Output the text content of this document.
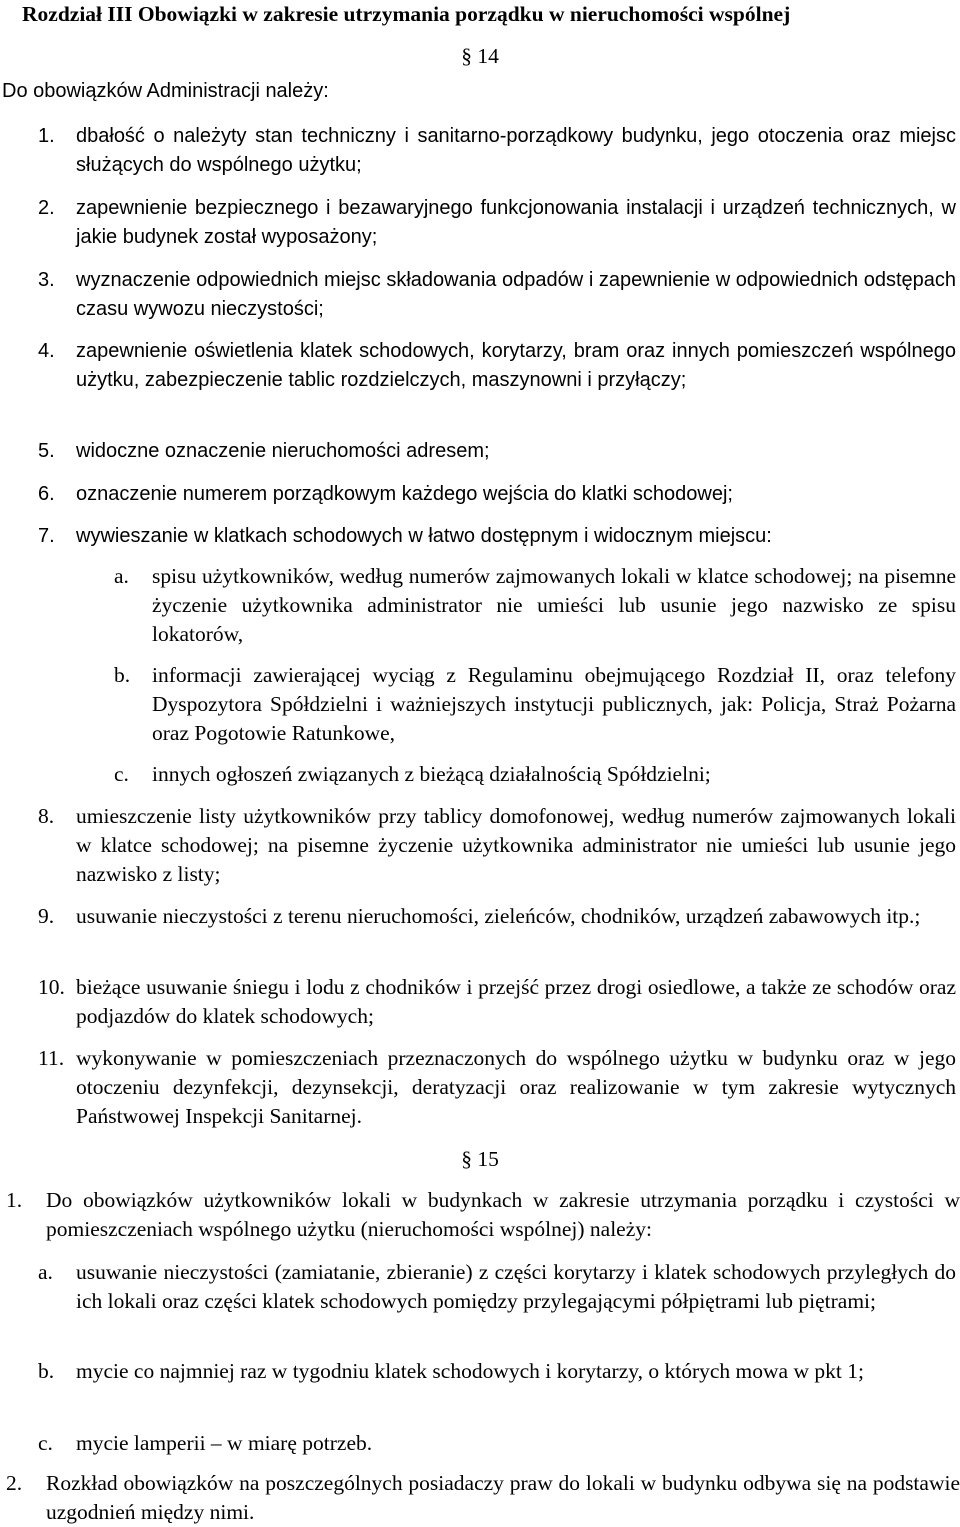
Rozdział III Obowiązki w zakresie utrzymania porządku w nieruchomości wspólnej
§ 14
Do obowiązków Administracji należy:
1. dbałość o należyty stan techniczny i sanitarno-porządkowy budynku, jego otoczenia oraz miejsc służących do wspólnego użytku;
2. zapewnienie bezpiecznego i bezawaryjnego funkcjonowania instalacji i urządzeń technicznych, w jakie budynek został wyposażony;
3. wyznaczenie odpowiednich miejsc składowania odpadów i zapewnienie w odpowiednich odstępach czasu wywozu nieczystości;
4. zapewnienie oświetlenia klatek schodowych, korytarzy, bram oraz innych pomieszczeń wspólnego użytku, zabezpieczenie tablic rozdzielczych, maszynowni i przyłączy;
5. widoczne oznaczenie nieruchomości adresem;
6. oznaczenie numerem porządkowym każdego wejścia do klatki schodowej;
7. wywieszanie w klatkach schodowych w łatwo dostępnym i widocznym miejscu:
a. spisu użytkowników, według numerów zajmowanych lokali w klatce schodowej; na pisemne życzenie użytkownika administrator nie umieści lub usunie jego nazwisko ze spisu lokatorów,
b. informacji zawierającej wyciąg z Regulaminu obejmującego Rozdział II, oraz telefony Dyspozytora Spółdzielni i ważniejszych instytucji publicznych, jak: Policja, Straż Pożarna oraz Pogotowie Ratunkowe,
c. innych ogłoszeń związanych z bieżącą działalnością Spółdzielni;
8. umieszczenie listy użytkowników przy tablicy domofonowej, według numerów zajmowanych lokali w klatce schodowej; na pisemne życzenie użytkownika administrator nie umieści lub usunie jego nazwisko z listy;
9. usuwanie nieczystości z terenu nieruchomości, zieleńców, chodników, urządzeń zabawowych itp.;
10. bieżące usuwanie śniegu i lodu z chodników i przejść przez drogi osiedlowe, a także ze schodów oraz podjazdów do klatek schodowych;
11. wykonywanie w pomieszczeniach przeznaczonych do wspólnego użytku w budynku oraz w jego otoczeniu dezynfekcji, dezynsekcji, deratyzacji oraz realizowanie w tym zakresie wytycznych Państwowej Inspekcji Sanitarnej.
§ 15
1. Do obowiązków użytkowników lokali w budynkach w zakresie utrzymania porządku i czystości w pomieszczeniach wspólnego użytku (nieruchomości wspólnej) należy:
a. usuwanie nieczystości (zamiatanie, zbieranie) z części korytarzy i klatek schodowych przyległych do ich lokali oraz części klatek schodowych pomiędzy przylegającymi półpiętrami lub piętrami;
b. mycie co najmniej raz w tygodniu klatek schodowych i korytarzy, o których mowa w pkt 1;
c. mycie lamperii – w miarę potrzeb.
2. Rozkład obowiązków na poszczególnych posiadaczy praw do lokali w budynku odbywa się na podstawie uzgodnień między nimi.
